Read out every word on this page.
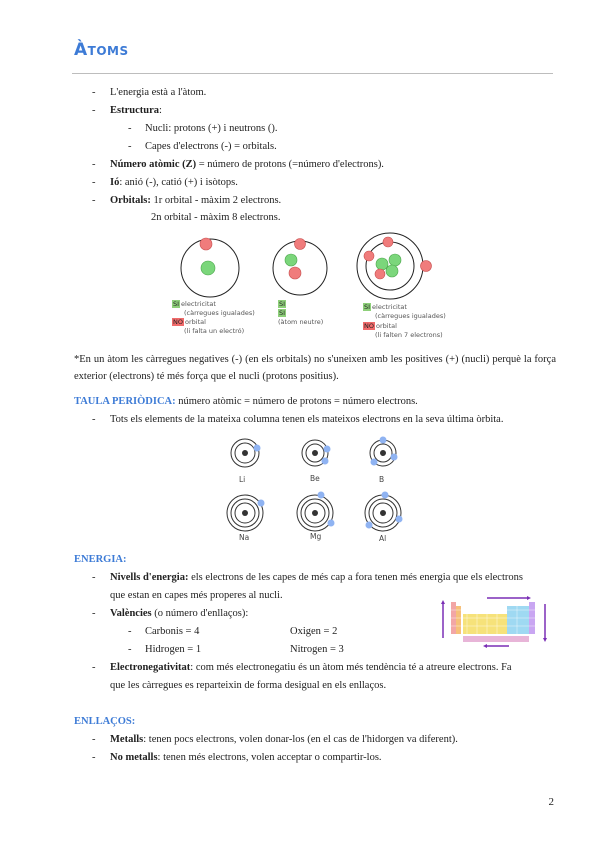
Àtoms
- L'energia està a l'àtom.
- Estructura:
- Nucli: protons (+) i neutrons ().
- Capes d'electrons (-) = orbitals.
- Número atòmic (Z) = número de protons (=número d'electrons).
- Ió: anió (-), catió (+) i isòtops.
- Orbitals: 1r orbital - màxim 2 electrons.
2n orbital - màxim 8 electrons.
SI electricitat
(càrregues igualades)
NO orbital
(li falta un electró)
SI
SI
(àtom neutre)
SI electricitat
(càrregues igualades)
NO orbital
(li falten 7 electrons)
*En un àtom les càrregues negatives (-) (en els orbitals) no s'uneixen amb les positives (+) (nucli) perquè la força exterior (electrons) té més força que el nucli (protons positius).
TAULA PERIÒDICA: número atòmic = número de protons = número electrons.
- Tots els elements de la mateixa columna tenen els mateixos electrons en la seva última òrbita.
Li	Be	B
Na	Mg	Al
ENERGIA:
- Nivells d'energia: els electrons de les capes de més cap a fora tenen més energia que els electrons
que estan en capes més properes al nucli.
- Valències (o número d'enllaços):
- Carbonis = 4	Oxigen = 2
- Hidrogen = 1	Nitrogen = 3
- Electronegativitat: com més electronegatiu és un àtom més tendència té a atreure electrons. Fa
que les càrregues es reparteixin de forma desigual en els enllaços.
ENLLAÇOS:
- Metalls: tenen pocs electrons, volen donar-los (en el cas de l'hidorgen va diferent).
- No metalls: tenen més electrons, volen acceptar o compartir-los.
2
